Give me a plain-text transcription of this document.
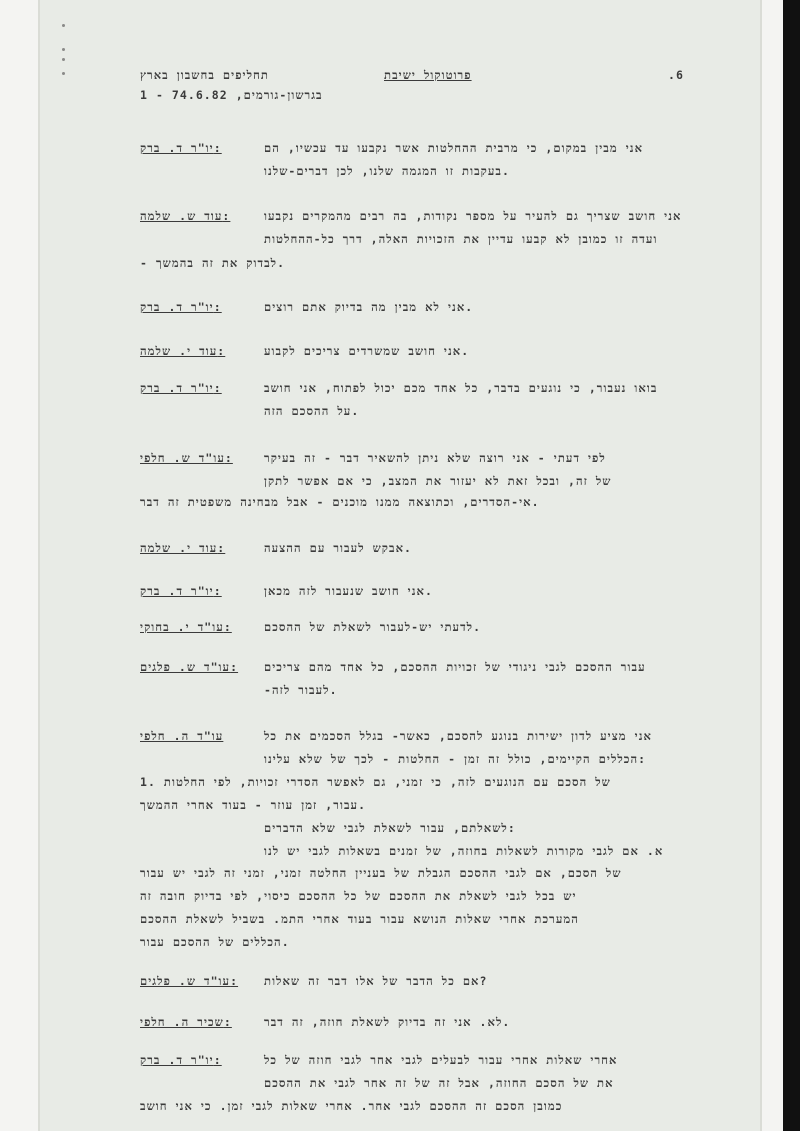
תחליפים בחשבון בארץ
בגרשון-גורמים, 74.6.82 - 1
פרוטוקול ישיבת	.6
יו"ר ד. ברק:	אני מבין במקום, כי מרבית ההחלטות אשר נקבעו עד עכשיו, הם
בעקבות זו המגמה שלנו, לכן דברים-שלנו.
עוד ש. שלמה:	אני חושב שצריך גם להעיר על מספר נקודות, בה רבים מהמקרים נקבעו
ועדה זו כמובן לא קבעו עדיין את הזכויות האלה, דרך כל-ההחלטות
- לבדוק את זה בהמשך.
יו"ר ד. ברק:	אני לא מבין מה בדיוק אתם רוצים.
עוד י. שלמה:	אני חושב שמשרדים צריכים לקבוע.
יו"ר ד. ברק:	בואו נעבור, כי נוגעים בדבר, כל אחד מכם יכול לפתוח, אני חושב
על ההסכם הזה.
עו"ד ש. חלפי:	לפי דעתי - אני רוצה שלא ניתן להשאיר דבר - זה בעיקר
של זה, ובכל זאת לא יעזור את המצב, כי אם אפשר לתקן
אי-הסדרים, וכתוצאה ממנו מוכנים - אבל מבחינה משפטית זה דבר.
עוד י. שלמה:	אבקש לעבור עם ההצעה.
יו"ר ד. ברק:	אני חושב שנעבור לזה מכאן.
עו"ד י. בחוקי:	לדעתי יש-לעבור לשאלת של ההסכם.
עו"ד ש. פלגים: עבור ההסכם לגבי ניגודי של זכויות ההסכם, כל אחד מהם צריכים
-לעבור לזה.
עו"ד ה. חלפי	אני מציע לדון ישירות בנוגע להסכם, כאשר- בגלל הסכמים את כל
הכללים הקיימים, כולל זה זמן - החלטות - לכך של שלא עלינו:
1. של הסכם עם הנוגעים לזה, כי זמני, גם לאפשר הסדרי זכויות, לפי החלטות
עבור, זמן עוזר - בעוד אחרי ההמשך.
לשאלתם, עבור לשאלת לגבי שלא הדברים:
א. אם לגבי מקורות לשאלות בחוזה, של זמנים בשאלות לגבי יש לנו
של הסכם, אם לגבי ההסכם הגבלת של בעניין החלטה זמני, זמני זה לגבי יש עבור
יש בכל לגבי לשאלת את ההסכם של כל ההסכם כיסוי, לפי בדיוק חובה זה
המערכת אחרי שאלות הנושא עבור בעוד אחרי התמ. בשביל לשאלת ההסכם
הכללים של ההסכם עבור.
עו"ד ש. פלגים: אם כל הדבר של אלו דבר זה שאלות?
שכיר ה. חלפי:	לא. אני זה בדיוק לשאלת חוזה, זה דבר.
יו"ר ד. ברק:	אחרי שאלות אחרי עבור לבעלים לגבי אחר לגבי חוזה של כל
את של הסכם החוזה, אבל זה של זה אחר לגבי את ההסכם
כמובן הסכם זה ההסכם לגבי אחר. אחרי שאלות לגבי זמן. כי אני חושב
